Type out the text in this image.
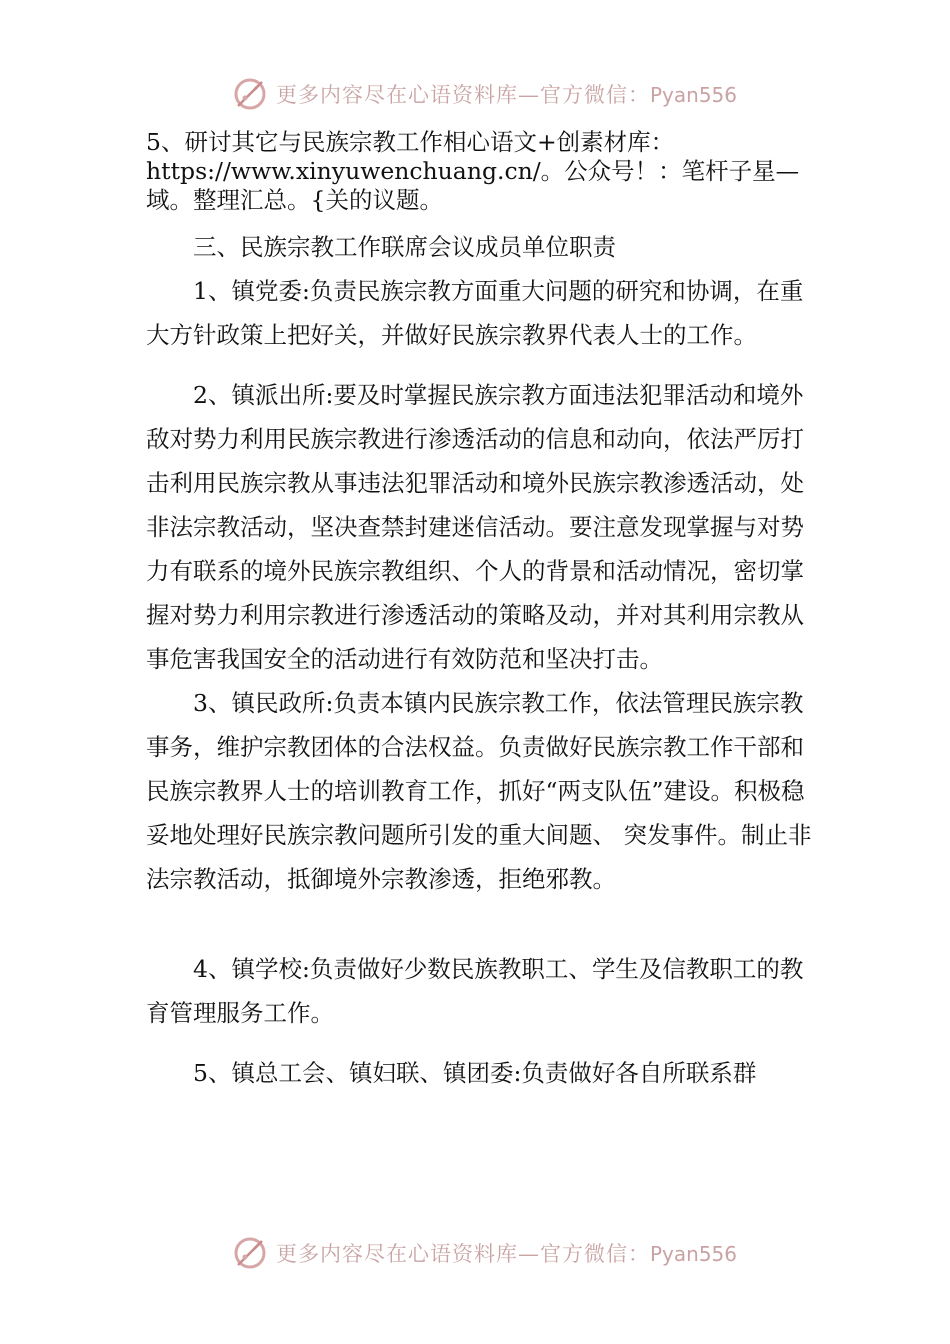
更多内容尽在心语资料库—官方微信：Pyan556

5、研讨其它与民族宗教工作相心语文+创素材库：https://www.xinyuwenchuang.cn/。公众号！：笔杆子星—域。整理汇总。{关的议题。

三、民族宗教工作联席会议成员单位职责

1、镇党委:负责民族宗教方面重大问题的研究和协调，在重大方针政策上把好关，并做好民族宗教界代表人士的工作。

2、镇派出所:要及时掌握民族宗教方面违法犯罪活动和境外敌对势力利用民族宗教进行渗透活动的信息和动向，依法严厉打击利用民族宗教从事违法犯罪活动和境外民族宗教渗透活动，处非法宗教活动，坚决查禁封建迷信活动。要注意发现掌握与对势力有联系的境外民族宗教组织、个人的背景和活动情况，密切掌握对势力利用宗教进行渗透活动的策略及动，并对其利用宗教从事危害我国安全的活动进行有效防范和坚决打击。

3、镇民政所:负责本镇内民族宗教工作，依法管理民族宗教事务，维护宗教团体的合法权益。负责做好民族宗教工作干部和民族宗教界人士的培训教育工作，抓好“两支队伍”建设。积极稳妥地处理好民族宗教问题所引发的重大间题、 突发事件。制止非法宗教活动，抵御境外宗教渗透，拒绝邪教。

4、镇学校:负责做好少数民族教职工、学生及信教职工的教育管理服务工作。

5、镇总工会、镇妇联、镇团委:负责做好各自所联系群

更多内容尽在心语资料库—官方微信：Pyan556
